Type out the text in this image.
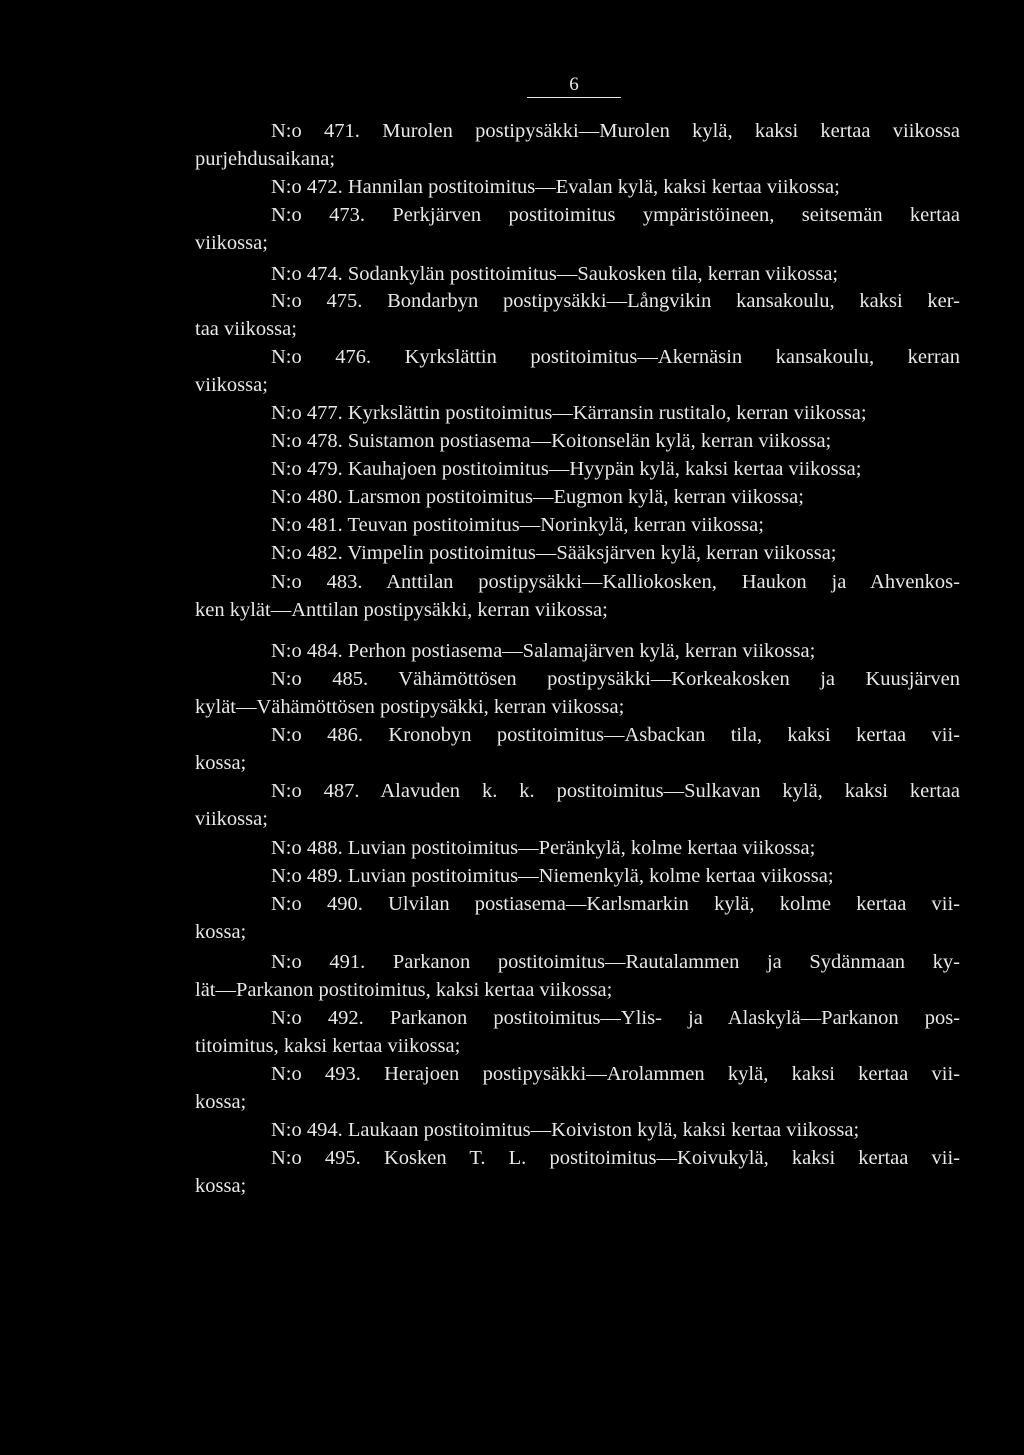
6
N:o 471. Murolen postipysäkki—Murolen kylä, kaksi kertaa viikossa
purjehdusaikana;
N:o 472. Hannilan postitoimitus—Evalan kylä, kaksi kertaa viikossa;
N:o 473. Perkjärven postitoimitus ympäristöineen, seitsemän kertaa
viikossa;
N:o 474. Sodankylän postitoimitus—Saukosken tila, kerran viikossa;
N:o 475. Bondarbyn postipysäkki—Långvikin kansakoulu, kaksi ker-
taa viikossa;
N:o 476. Kyrkslättin postitoimitus—Akernäsin kansakoulu, kerran
viikossa;
N:o 477. Kyrkslättin postitoimitus—Kärransin rustitalo, kerran viikossa;
N:o 478. Suistamon postiasema—Koitonselän kylä, kerran viikossa;
N:o 479. Kauhajoen postitoimitus—Hyypän kylä, kaksi kertaa viikossa;
N:o 480. Larsmon postitoimitus—Eugmon kylä, kerran viikossa;
N:o 481. Teuvan postitoimitus—Norinkylä, kerran viikossa;
N:o 482. Vimpelin postitoimitus—Sääksjärven kylä, kerran viikossa;
N:o 483. Anttilan postipysäkki—Kalliokosken, Haukon ja Ahvenkos-
ken kylät—Anttilan postipysäkki, kerran viikossa;
N:o 484. Perhon postiasema—Salamajärven kylä, kerran viikossa;
N:o 485. Vähämöttösen postipysäkki—Korkeakosken ja Kuusjärven
kylät—Vähämöttösen postipysäkki, kerran viikossa;
N:o 486. Kronobyn postitoimitus—Asbackan tila, kaksi kertaa vii-
kossa;
N:o 487. Alavuden k. k. postitoimitus—Sulkavan kylä, kaksi kertaa
viikossa;
N:o 488. Luvian postitoimitus—Peränkylä, kolme kertaa viikossa;
N:o 489. Luvian postitoimitus—Niemenkylä, kolme kertaa viikossa;
N:o 490. Ulvilan postiasema—Karlsmarkin kylä, kolme kertaa vii-
kossa;
N:o 491. Parkanon postitoimitus—Rautalammen ja Sydänmaan ky-
lät—Parkanon postitoimitus, kaksi kertaa viikossa;
N:o 492. Parkanon postitoimitus—Ylis- ja Alaskylä—Parkanon pos-
titoimitus, kaksi kertaa viikossa;
N:o 493. Herajoen postipysäkki—Arolammen kylä, kaksi kertaa vii-
kossa;
N:o 494. Laukaan postitoimitus—Koiviston kylä, kaksi kertaa viikossa;
N:o 495. Kosken T. L. postitoimitus—Koivukylä, kaksi kertaa vii-
kossa;
